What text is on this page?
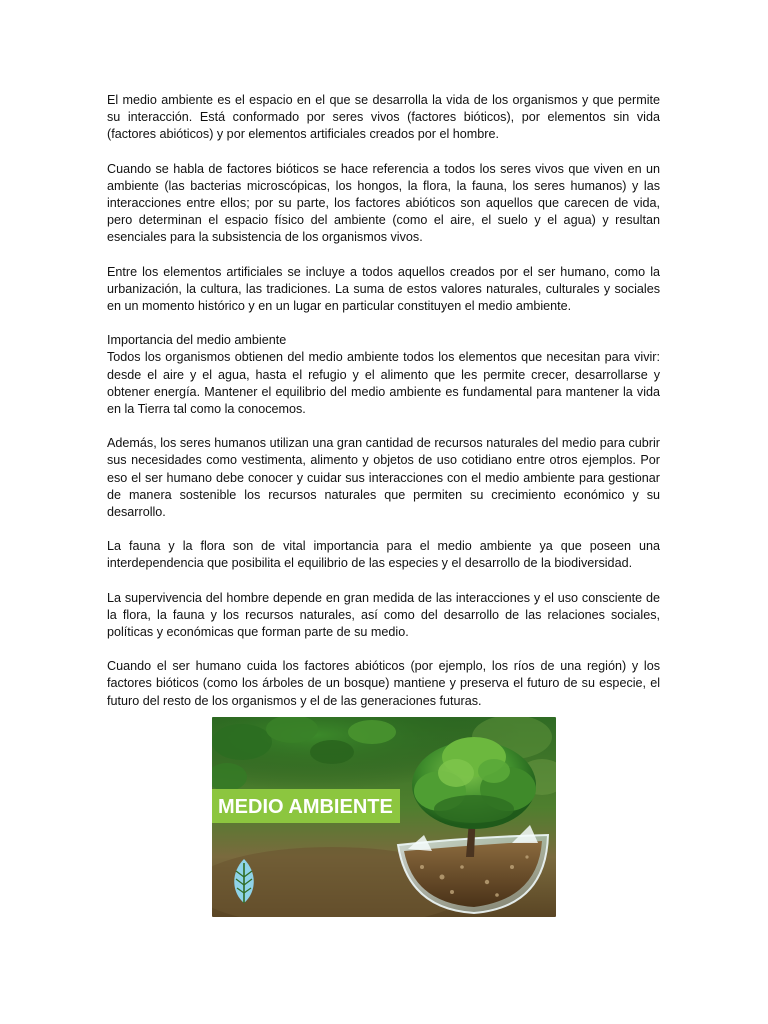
El medio ambiente es el espacio en el que se desarrolla la vida de los organismos y que permite su interacción. Está conformado por seres vivos (factores bióticos), por elementos sin vida (factores abióticos) y por elementos artificiales creados por el hombre.

Cuando se habla de factores bióticos se hace referencia a todos los seres vivos que viven en un ambiente (las bacterias microscópicas, los hongos, la flora, la fauna, los seres humanos) y las interacciones entre ellos; por su parte, los factores abióticos son aquellos que carecen de vida, pero determinan el espacio físico del ambiente (como el aire, el suelo y el agua) y resultan esenciales para la subsistencia de los organismos vivos.

Entre los elementos artificiales se incluye a todos aquellos creados por el ser humano, como la urbanización, la cultura, las tradiciones. La suma de estos valores naturales, culturales y sociales en un momento histórico y en un lugar en particular constituyen el medio ambiente.

Importancia del medio ambiente

Todos los organismos obtienen del medio ambiente todos los elementos que necesitan para vivir: desde el aire y el agua, hasta el refugio y el alimento que les permite crecer, desarrollarse y obtener energía. Mantener el equilibrio del medio ambiente es fundamental para mantener la vida en la Tierra tal como la conocemos.

Además, los seres humanos utilizan una gran cantidad de recursos naturales del medio para cubrir sus necesidades como vestimenta, alimento y objetos de uso cotidiano entre otros ejemplos. Por eso el ser humano debe conocer y cuidar sus interacciones con el medio ambiente para gestionar de manera sostenible los recursos naturales que permiten su crecimiento económico y su desarrollo.

La fauna y la flora son de vital importancia para el medio ambiente ya que poseen una interdependencia que posibilita el equilibrio de las especies y el desarrollo de la biodiversidad.

La supervivencia del hombre depende en gran medida de las interacciones y el uso consciente de la flora, la fauna y los recursos naturales, así como del desarrollo de las relaciones sociales, políticas y económicas que forman parte de su medio.

Cuando el ser humano cuida los factores abióticos (por ejemplo, los ríos de una región) y los factores bióticos (como los árboles de un bosque) mantiene y preserva el futuro de su especie, el futuro del resto de los organismos y el de las generaciones futuras.

MEDIO AMBIENTE
